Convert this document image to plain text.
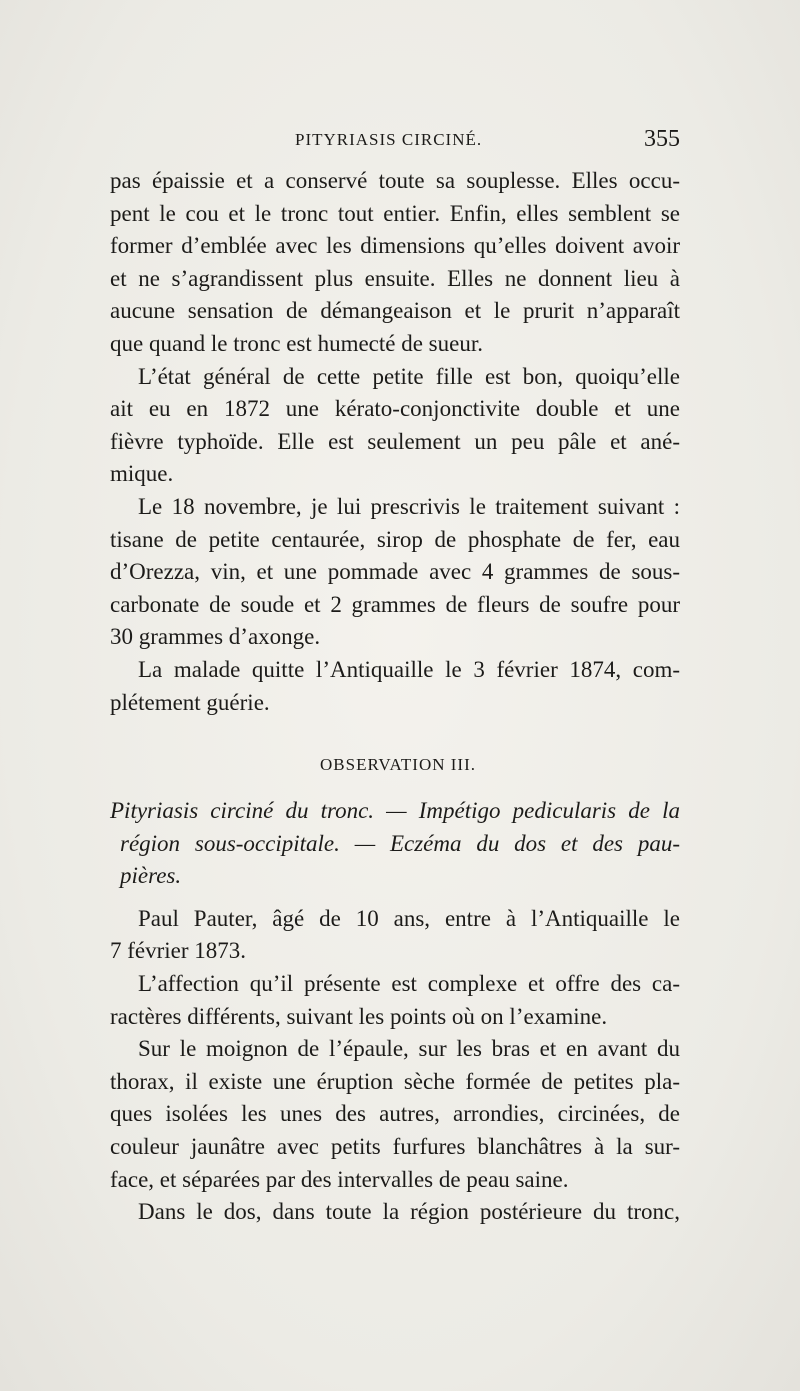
PITYRIASIS CIRCINÉ.	355
pas épaissie et a conservé toute sa souplesse. Elles occu-
pent le cou et le tronc tout entier. Enfin, elles semblent se
former d’emblée avec les dimensions qu’elles doivent avoir
et ne s’agrandissent plus ensuite. Elles ne donnent lieu à
aucune sensation de démangeaison et le prurit n’apparaît
que quand le tronc est humecté de sueur.
L’état général de cette petite fille est bon, quoiqu’elle
ait eu en 1872 une kérato-conjonctivite double et une
fièvre typhoïde. Elle est seulement un peu pâle et ané-
mique.
Le 18 novembre, je lui prescrivis le traitement suivant :
tisane de petite centaurée, sirop de phosphate de fer, eau
d’Orezza, vin, et une pommade avec 4 grammes de sous-
carbonate de soude et 2 grammes de fleurs de soufre pour
30 grammes d’axonge.
La malade quitte l’Antiquaille le 3 février 1874, com-
plétement guérie.
OBSERVATION III.
Pityriasis circiné du tronc. — Impétigo pedicularis de la
région sous-occipitale. — Eczéma du dos et des pau-
pières.
Paul Pauter, âgé de 10 ans, entre à l’Antiquaille le
7 février 1873.
L’affection qu’il présente est complexe et offre des ca-
ractères différents, suivant les points où on l’examine.
Sur le moignon de l’épaule, sur les bras et en avant du
thorax, il existe une éruption sèche formée de petites pla-
ques isolées les unes des autres, arrondies, circinées, de
couleur jaunâtre avec petits furfures blanchâtres à la sur-
face, et séparées par des intervalles de peau saine.
Dans le dos, dans toute la région postérieure du tronc,
